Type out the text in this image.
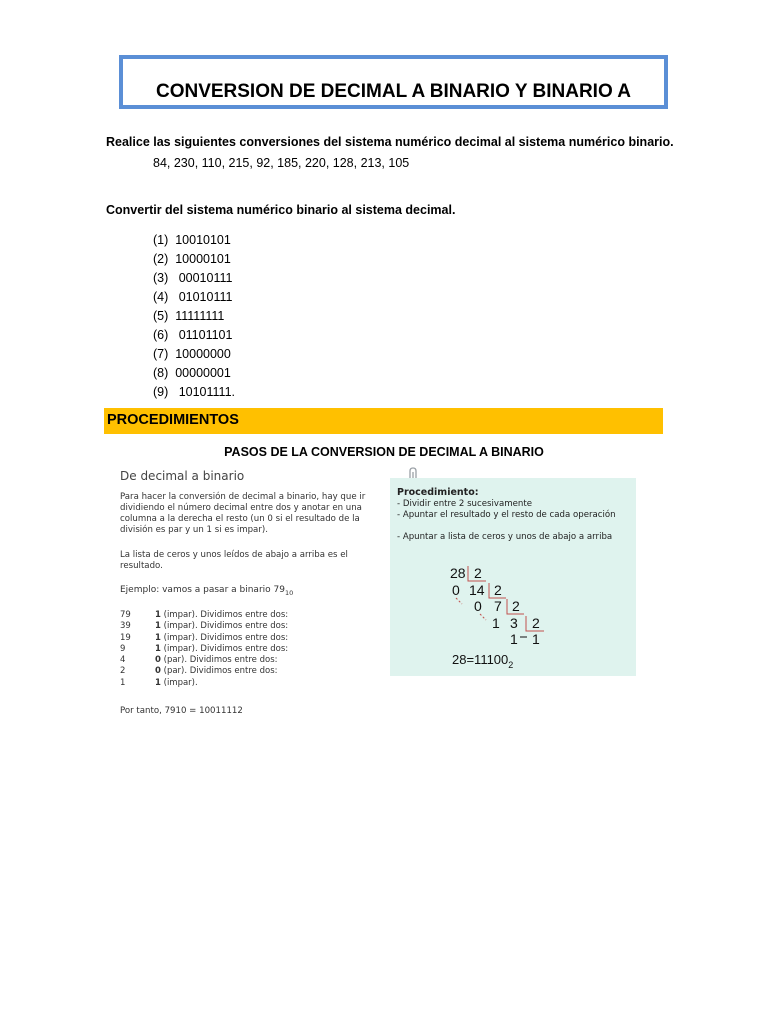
CONVERSION DE DECIMAL A BINARIO Y BINARIO A
Realice las siguientes conversiones del sistema numérico decimal al sistema numérico binario.
84, 230, 110, 215, 92, 185, 220, 128, 213, 105
Convertir del sistema numérico binario al sistema decimal.
(1)  10010101
(2)  10000101
(3)   00010111
(4)   01010111
(5)  11111111
(6)   01101101
(7)  10000000
(8)  00000001
(9)   10101111.
PROCEDIMIENTOS
PASOS DE LA CONVERSION DE DECIMAL A BINARIO
De decimal a binario
Para hacer la conversión de decimal a binario, hay que ir dividiendo el número decimal entre dos y anotar en una columna a la derecha el resto (un 0 si el resultado de la división es par y un 1 si es impar).
La lista de ceros y unos leídos de abajo a arriba es el resultado.
Ejemplo: vamos a pasar a binario $79_{10}$
79	1 (impar). Dividimos entre dos:
39	1 (impar). Dividimos entre dos:
19	1 (impar). Dividimos entre dos:
9	1 (impar). Dividimos entre dos:
4	0 (par). Dividimos entre dos:
2	0 (par). Dividimos entre dos:
1	1 (impar).
Por tanto, 7910 = 10011112
Procedimiento:
- Dividir entre 2 sucesivamente
- Apuntar el resultado y el resto de cada operación
- Apuntar a lista de ceros y unos de abajo a arriba
28 2
0 14 2
0 7 2
1 3 2
1 1
$28=11100_2$
